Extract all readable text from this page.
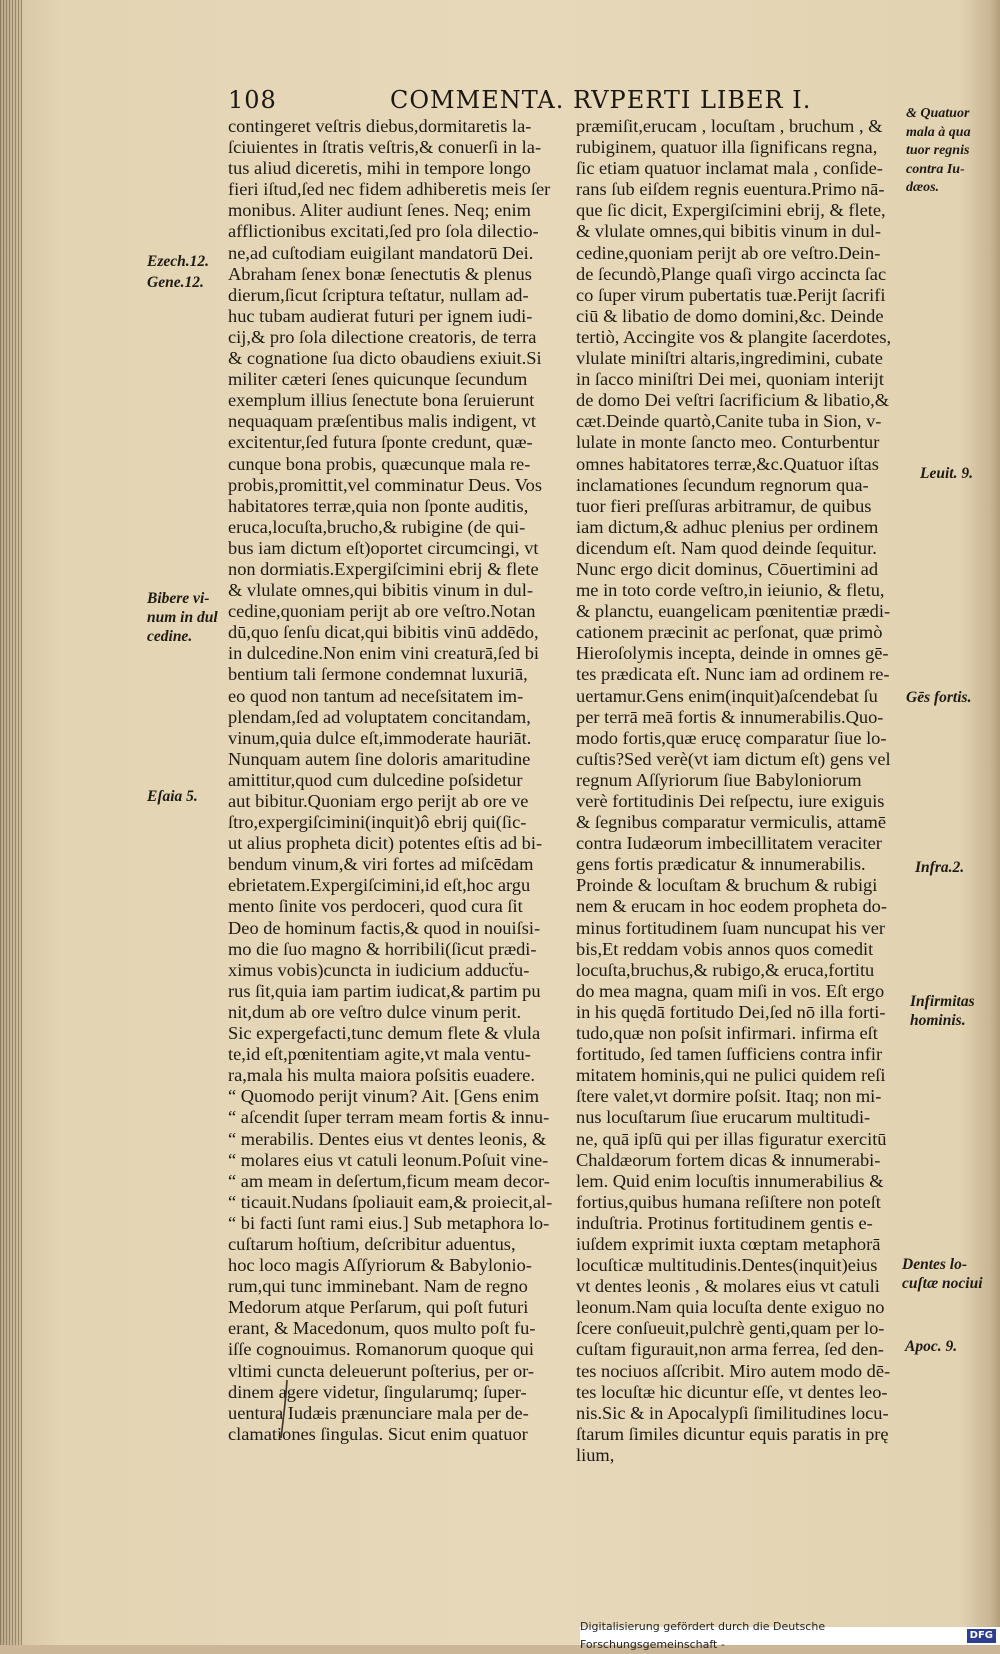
108	COMMENTA. RVPERTI LIBER I.
contingeret veſtris diebus,dormitaretis la-
ſciuientes in ſtratis veſtris,& conuerſi in la-
tus aliud diceretis, mihi in tempore longo
fieri iſtud,ſed nec fidem adhiberetis meis ſer
monibus. Aliter audiunt ſenes. Neq; enim
afflictionibus excitati,ſed pro ſola dilectio-
ne,ad cuſtodiam euigilant mandatorū Dei.
Abraham ſenex bonæ ſenectutis & plenus
dierum,ſicut ſcriptura teſtatur, nullam ad-
huc tubam audierat futuri per ignem iudi-
cij,& pro ſola dilectione creatoris, de terra
& cognatione ſua dicto obaudiens exiuit.Si
militer cæteri ſenes quicunque ſecundum
exemplum illius ſenectute bona ſeruierunt
nequaquam præſentibus malis indigent, vt
excitentur,ſed futura ſponte credunt, quæ-
cunque bona probis, quæcunque mala re-
probis,promittit,vel comminatur Deus. Vos
habitatores terræ,quia non ſponte auditis,
eruca,locuſta,brucho,& rubigine (de qui-
bus iam dictum eſt)oportet circumcingi, vt
non dormiatis.Expergiſcimini ebrij & flete
& vlulate omnes,qui bibitis vinum in dul-
cedine,quoniam perijt ab ore veſtro.Notan
dū,quo ſenſu dicat,qui bibitis vinū addēdo,
in dulcedine.Non enim vini creaturā,ſed bi
bentium tali ſermone condemnat luxuriā,
eo quod non tantum ad neceſsitatem im-
plendam,ſed ad voluptatem concitandam,
vinum,quia dulce eſt,immoderate hauriāt.
Nunquam autem ſine doloris amaritudine
amittitur,quod cum dulcedine poſsidetur
aut bibitur.Quoniam ergo perijt ab ore ve
ſtro,expergiſcimini(inquit)ô ebrij qui(ſic-
ut alius propheta dicit) potentes eſtis ad bi-
bendum vinum,& viri fortes ad miſcēdam
ebrietatem.Expergiſcimini,id eſt,hoc argu
mento ſinite vos perdoceri, quod cura ſit
Deo de hominum factis,& quod in nouiſsi-
mo die ſuo magno & horribili(ſicut prædi-
ximus vobis)cuncta in iudicium adducẗu-
rus ſit,quia iam partim iudicat,& partim pu
nit,dum ab ore veſtro dulce vinum perit.
Sic expergefacti,tunc demum flete & vlula
te,id eſt,pœnitentiam agite,vt mala ventu-
ra,mala his multa maiora poſsitis euadere.
“ Quomodo perijt vinum? Ait. [Gens enim
“ aſcendit ſuper terram meam fortis & innu-
“ merabilis. Dentes eius vt dentes leonis, &
“ molares eius vt catuli leonum.Poſuit vine-
“ am meam in deſertum,ficum meam decor-
“ ticauit.Nudans ſpoliauit eam,& proiecit,al-
“ bi facti ſunt rami eius.] Sub metaphora lo-
cuſtarum hoſtium, deſcribitur aduentus,
hoc loco magis Aſſyriorum & Babylonio-
rum,qui tunc imminebant. Nam de regno
Medorum atque Perſarum, qui poſt futuri
erant, & Macedonum, quos multo poſt fu-
iſſe cognouimus. Romanorum quoque qui
vltimi cuncta deleuerunt poſterius, per or-
dinem agere videtur, ſingularumq; ſuper-
uentura Iudæis prænunciare mala per de-
clamationes ſingulas. Sicut enim quatuor
præmiſit,erucam , locuſtam , bruchum , &
rubiginem, quatuor illa ſignificans regna,
ſic etiam quatuor inclamat mala , conſide-
rans ſub eiſdem regnis euentura.Primo nā-
que ſic dicit, Expergiſcimini ebrij, & flete,
& vlulate omnes,qui bibitis vinum in dul-
cedine,quoniam perijt ab ore veſtro.Dein-
de ſecundò,Plange quaſi virgo accincta ſac
co ſuper virum pubertatis tuæ.Perijt ſacrifi
ciū & libatio de domo domini,&c. Deinde
tertiò, Accingite vos & plangite ſacerdotes,
vlulate miniſtri altaris,ingredimini, cubate
in ſacco miniſtri Dei mei, quoniam interijt
de domo Dei veſtri ſacrificium & libatio,&
cæt.Deinde quartò,Canite tuba in Sion, v-
lulate in monte ſancto meo. Conturbentur
omnes habitatores terræ,&c.Quatuor iſtas
inclamationes ſecundum regnorum qua-
tuor fieri preſſuras arbitramur, de quibus
iam dictum,& adhuc plenius per ordinem
dicendum eſt. Nam quod deinde ſequitur.
Nunc ergo dicit dominus, Cōuertimini ad
me in toto corde veſtro,in ieiunio, & fletu,
& planctu, euangelicam pœnitentiæ prædi-
cationem præcinit ac perſonat, quæ primò
Hieroſolymis incepta, deinde in omnes gē-
tes prædicata eſt. Nunc iam ad ordinem re-
uertamur.Gens enim(inquit)aſcendebat ſu
per terrā meā fortis & innumerabilis.Quo-
modo fortis,quæ erucę comparatur ſiue lo-
cuſtis?Sed verè(vt iam dictum eſt) gens vel
regnum Aſſyriorum ſiue Babyloniorum
verè fortitudinis Dei reſpectu, iure exiguis
& ſegnibus comparatur vermiculis, attamē
contra Iudæorum imbecillitatem veraciter
gens fortis prædicatur & innumerabilis.
Proinde & locuſtam & bruchum & rubigi
nem & erucam in hoc eodem propheta do-
minus fortitudinem ſuam nuncupat his ver
bis,Et reddam vobis annos quos comedit
locuſta,bruchus,& rubigo,& eruca,fortitu
do mea magna, quam miſi in vos. Eſt ergo
in his quędā fortitudo Dei,ſed nō illa forti-
tudo,quæ non poſsit infirmari. infirma eſt
fortitudo, ſed tamen ſufficiens contra infir
mitatem hominis,qui ne pulici quidem reſi
ſtere valet,vt dormire poſsit. Itaq; non mi-
nus locuſtarum ſiue erucarum multitudi-
ne, quā ipſū qui per illas figuratur exercitū
Chaldæorum fortem dicas & innumerabi-
lem. Quid enim locuſtis innumerabilius &
fortius,quibus humana reſiſtere non poteſt
induſtria. Protinus fortitudinem gentis e-
iuſdem exprimit iuxta cœptam metaphorā
locuſticæ multitudinis.Dentes(inquit)eius
vt dentes leonis , & molares eius vt catuli
leonum.Nam quia locuſta dente exiguo no
ſcere conſueuit,pulchrè genti,quam per lo-
cuſtam figurauit,non arma ferrea, ſed den-
tes nociuos aſſcribit. Miro autem modo dē-
tes locuſtæ hic dicuntur eſſe, vt dentes leo-
nis.Sic & in Apocalypſi ſimilitudines locu-
ſtarum ſimiles dicuntur equis paratis in prę
lium,
Ezech.12.
Gene.12.
Bibere vi-
num in dul
cedine.
Eſaia 5.
& Quatuor
mala à qua
tuor regnis
contra Iu-
dæos.
Leuit. 9.
Gēs fortis.
Infra.2.
Infirmitas
hominis.
Dentes lo-
cuſtæ nociui
Apoc. 9.
Digitalisierung gefördert durch die Deutsche Forschungsgemeinschaft -
DFG
